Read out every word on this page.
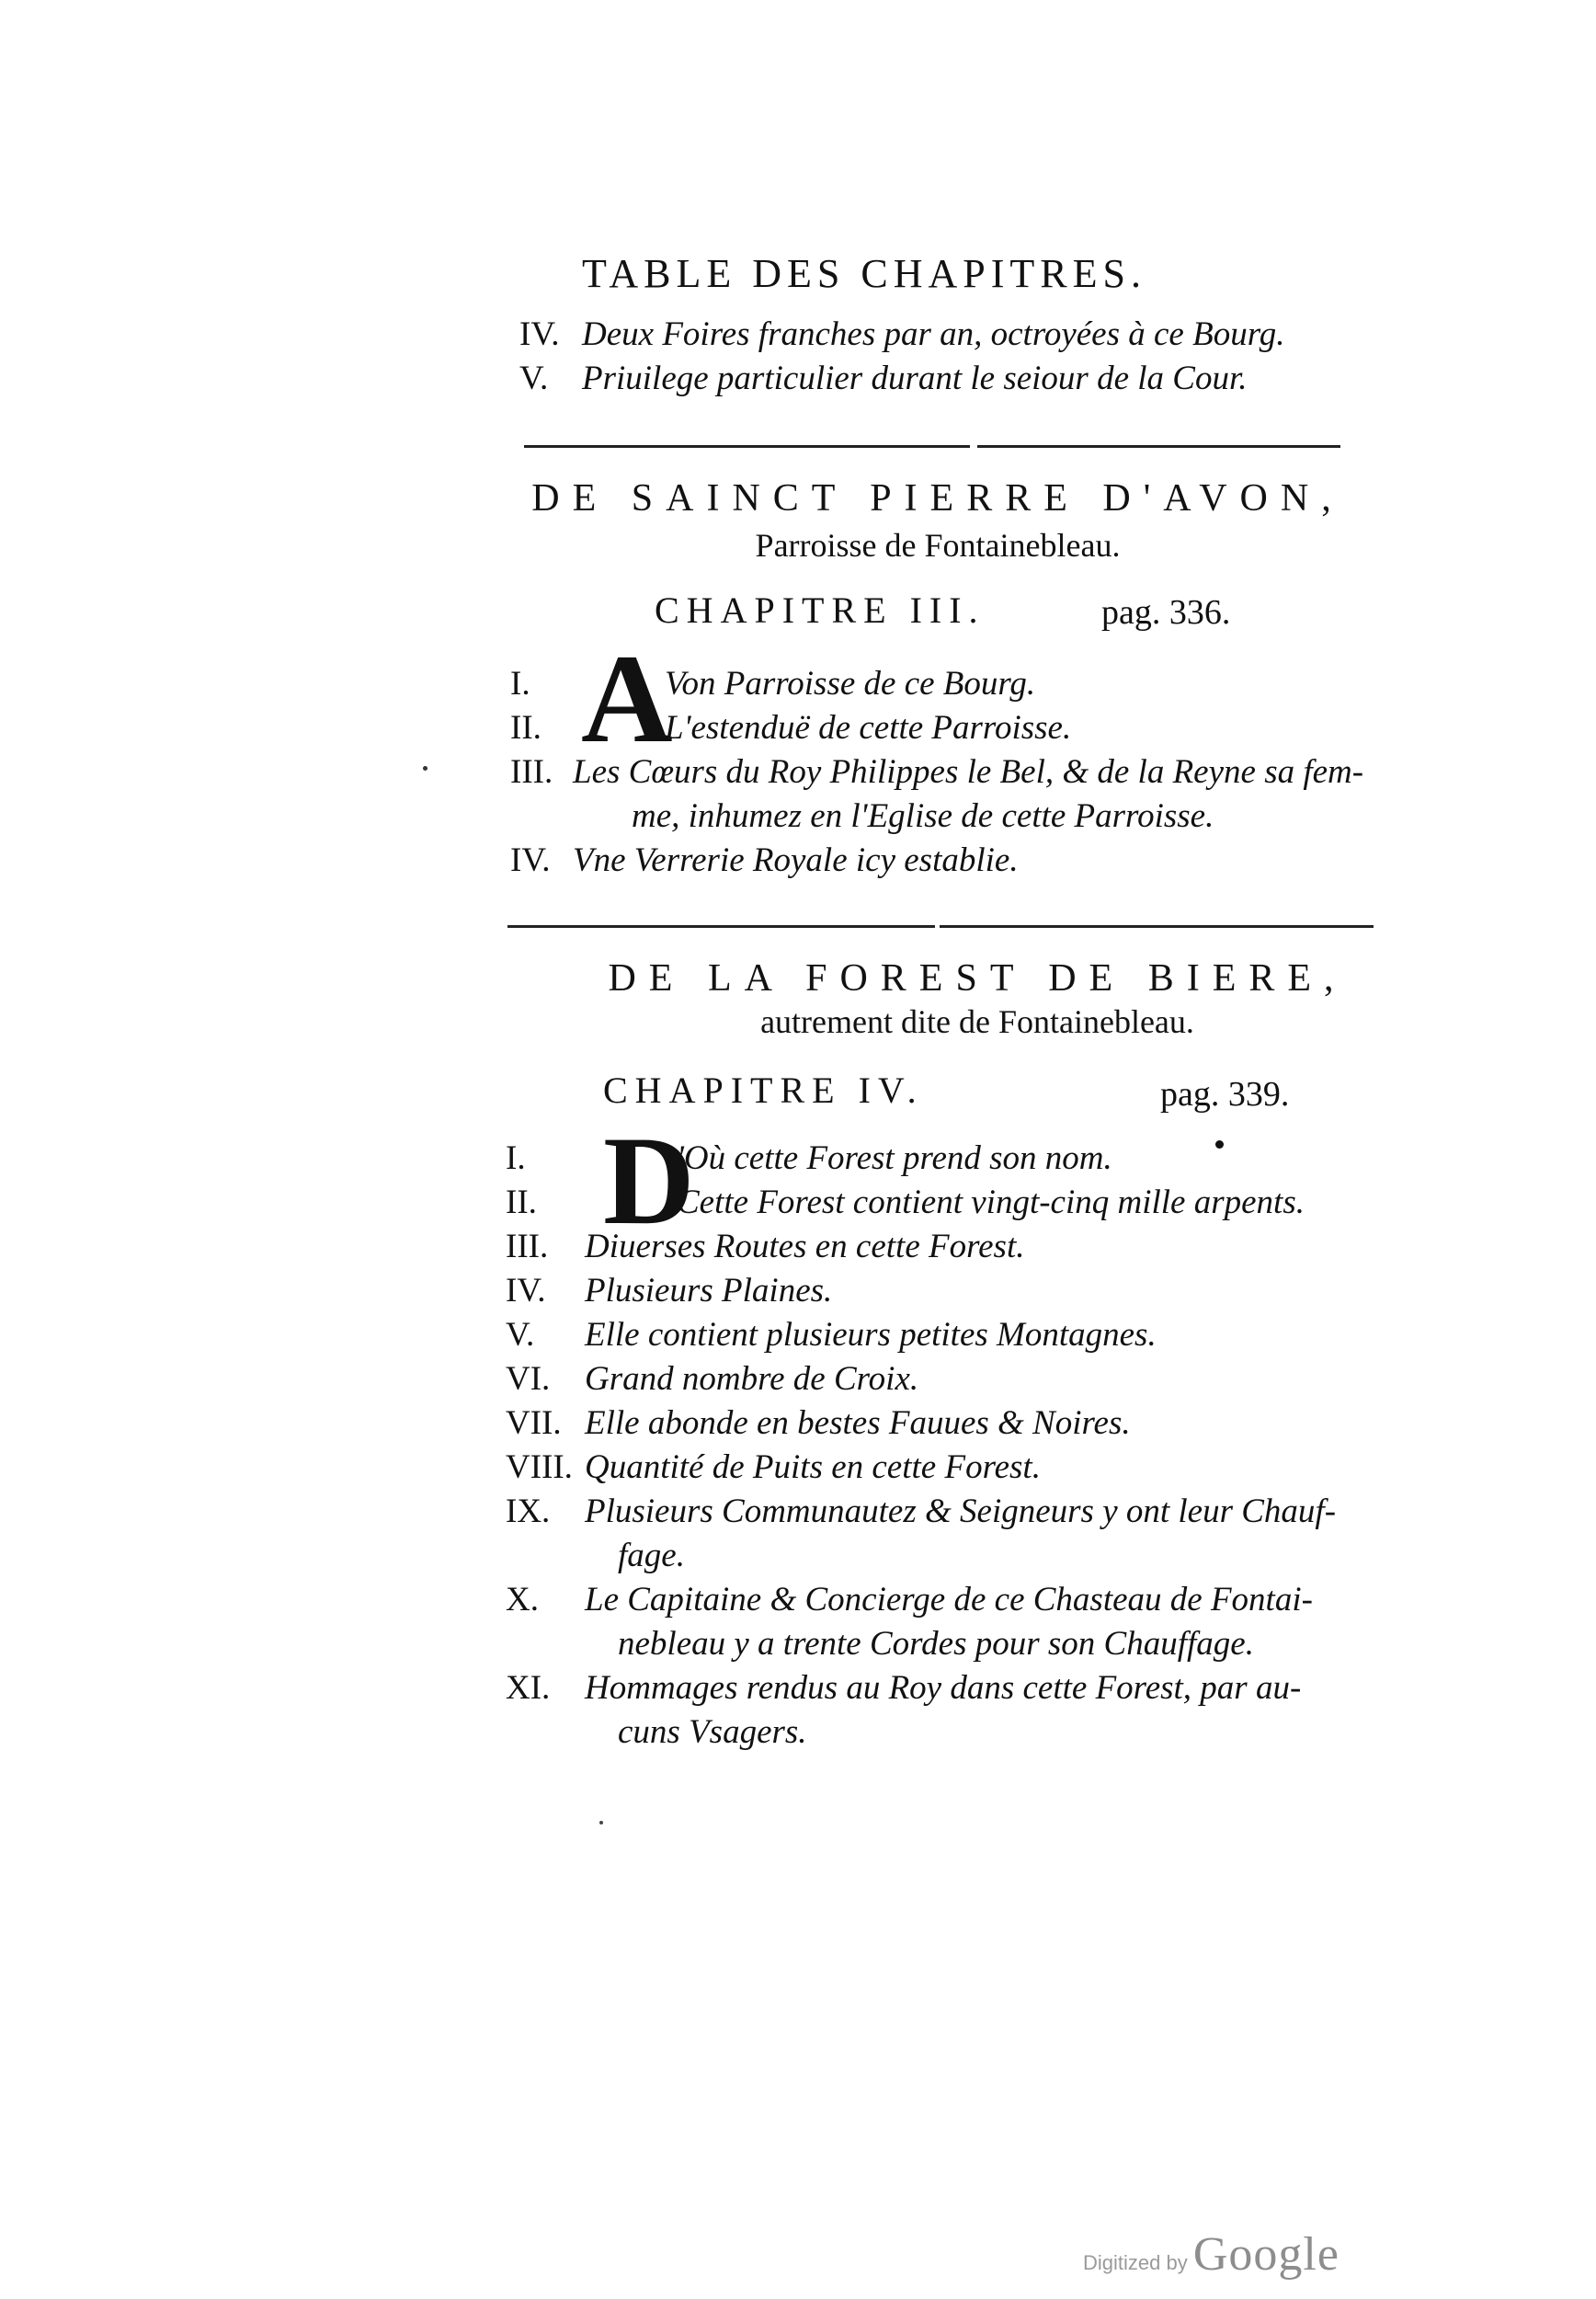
TABLE DES CHAPITRES.
IV. Deux Foires franches par an, octroyées à ce Bourg.
V. Priuilege particulier durant le seiour de la Cour.
DE SAINCT PIERRE D'AVON,
Parroisse de Fontainebleau.
CHAPITRE III.	pag. 336.
A
I.	Von Parroisse de ce Bourg.
II.	L'estenduë de cette Parroisse.
III. Les Cœurs du Roy Philippes le Bel, & de la Reyne sa fem-
me, inhumez en l'Eglise de cette Parroisse.
IV. Vne Verrerie Royale icy establie.
DE LA FOREST DE BIERE,
autrement dite de Fontainebleau.
CHAPITRE IV.	pag. 339.
D
I.	'Où cette Forest prend son nom.
II.	Cette Forest contient vingt-cinq mille arpents.
III. Diuerses Routes en cette Forest.
IV. Plusieurs Plaines.
V. Elle contient plusieurs petites Montagnes.
VI. Grand nombre de Croix.
VII. Elle abonde en bestes Fauues & Noires.
VIII. Quantité de Puits en cette Forest.
IX. Plusieurs Communautez & Seigneurs y ont leur Chauf-
fage.
X. Le Capitaine & Concierge de ce Chasteau de Fontai-
nebleau y a trente Cordes pour son Chauffage.
XI. Hommages rendus au Roy dans cette Forest, par au-
cuns Vsagers.
Digitized by Google
